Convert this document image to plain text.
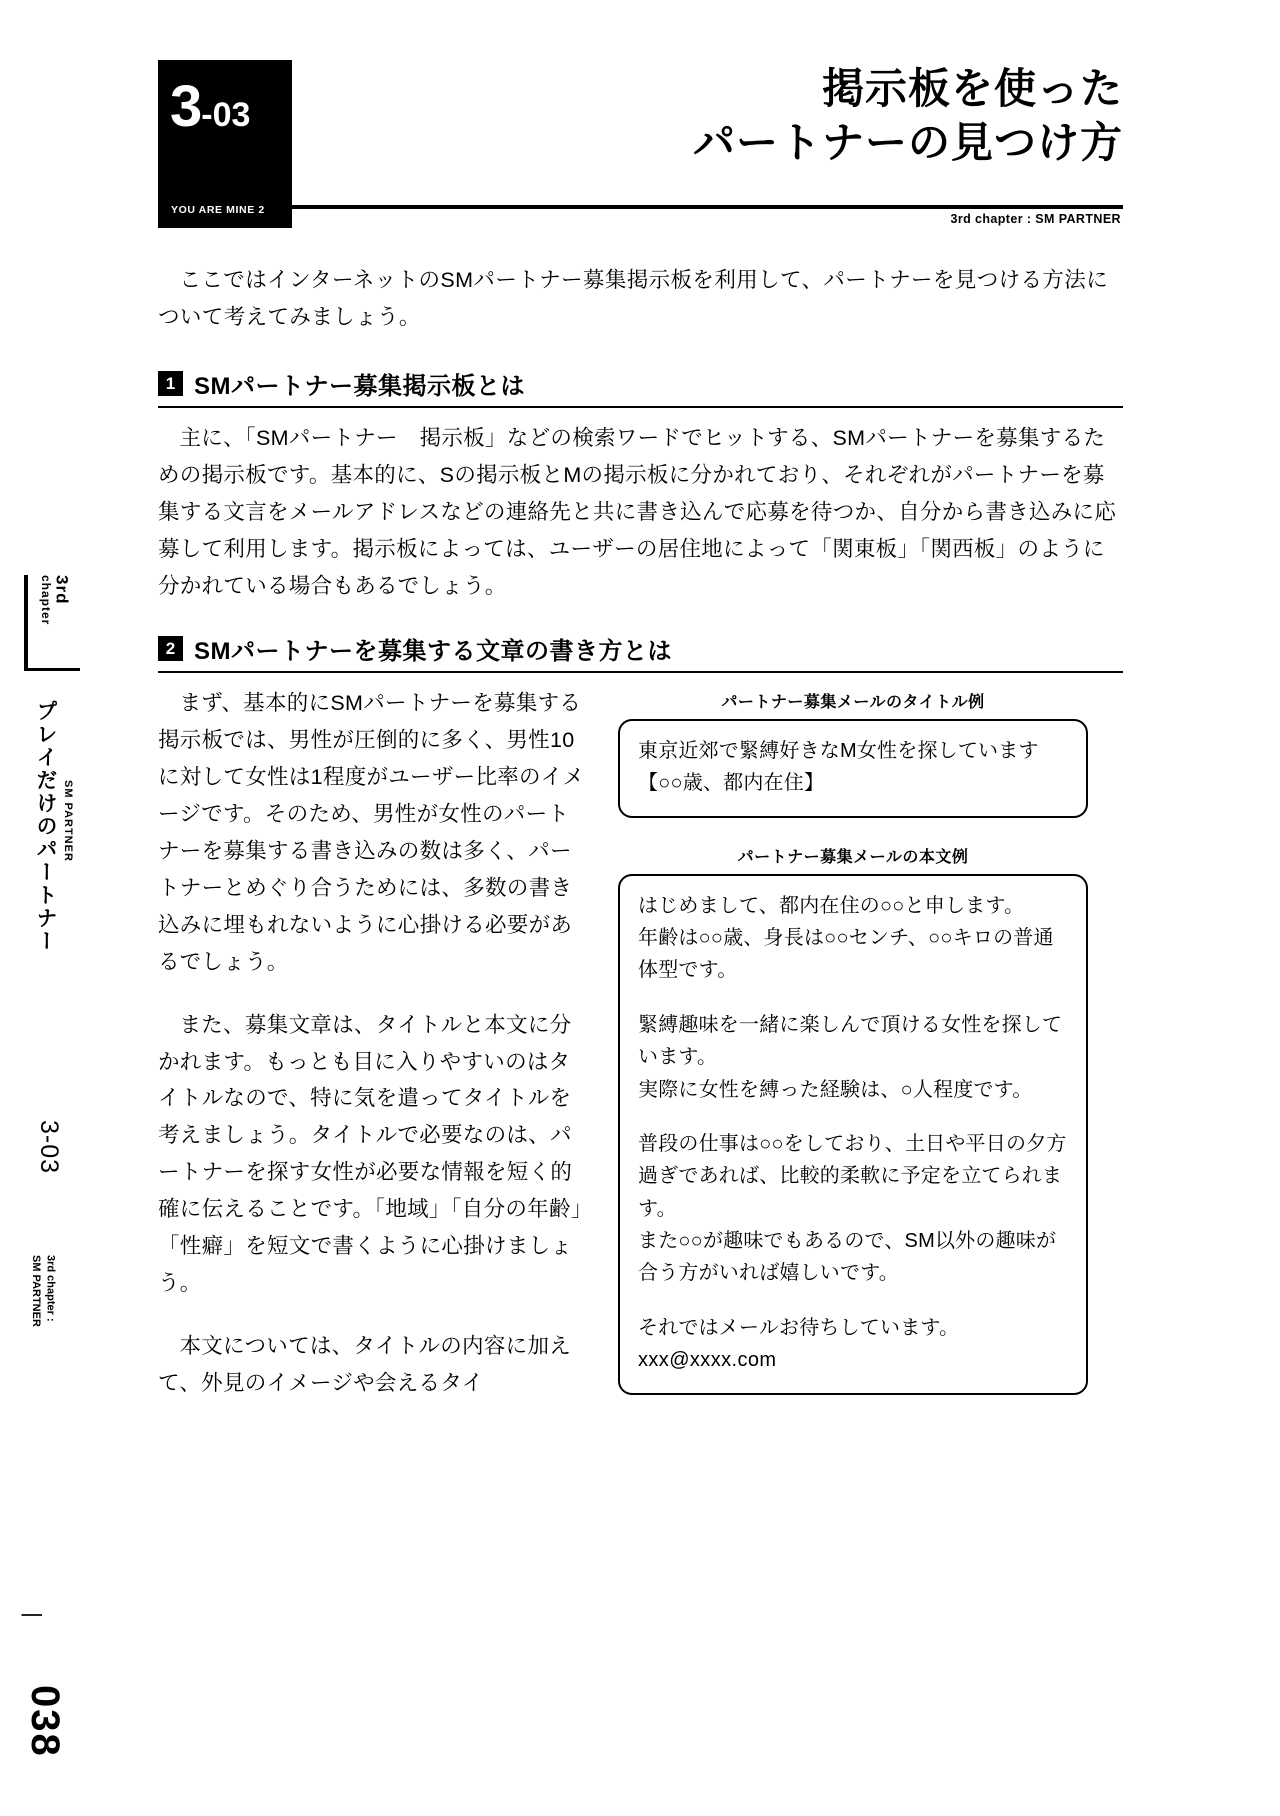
3rd
chapter
プレイだけのパートナー SM PARTNER
3-03
3rd chapter :
SM PARTNER
|
038
3-03
YOU ARE MINE 2
掲示板を使った
パートナーの見つけ方
3rd chapter : SM PARTNER

ここではインターネットのSMパートナー募集掲示板を利用して、パートナーを見つける方法について考えてみましょう。

1 SMパートナー募集掲示板とは

主に、「SMパートナー　掲示板」などの検索ワードでヒットする、SMパートナーを募集するための掲示板です。基本的に、Sの掲示板とMの掲示板に分かれており、それぞれがパートナーを募集する文言をメールアドレスなどの連絡先と共に書き込んで応募を待つか、自分から書き込みに応募して利用します。掲示板によっては、ユーザーの居住地によって「関東板」「関西板」のように分かれている場合もあるでしょう。

2 SMパートナーを募集する文章の書き方とは

まず、基本的にSMパートナーを募集する掲示板では、男性が圧倒的に多く、男性10に対して女性は1程度がユーザー比率のイメージです。そのため、男性が女性のパートナーを募集する書き込みの数は多く、パートナーとめぐり合うためには、多数の書き込みに埋もれないように心掛ける必要があるでしょう。

また、募集文章は、タイトルと本文に分かれます。もっとも目に入りやすいのはタイトルなので、特に気を遣ってタイトルを考えましょう。タイトルで必要なのは、パートナーを探す女性が必要な情報を短く的確に伝えることです。「地域」「自分の年齢」「性癖」を短文で書くように心掛けましょう。

本文については、タイトルの内容に加えて、外見のイメージや会えるタイ

パートナー募集メールのタイトル例

東京近郊で緊縛好きなM女性を探しています【○○歳、都内在住】

パートナー募集メールの本文例

はじめまして、都内在住の○○と申します。

年齢は○○歳、身長は○○センチ、○○キロの普通体型です。

緊縛趣味を一緒に楽しんで頂ける女性を探しています。

実際に女性を縛った経験は、○人程度です。

普段の仕事は○○をしており、土日や平日の夕方過ぎであれば、比較的柔軟に予定を立てられます。

また○○が趣味でもあるので、SM以外の趣味が合う方がいれば嬉しいです。

それではメールお待ちしています。

xxx@xxxx.com
